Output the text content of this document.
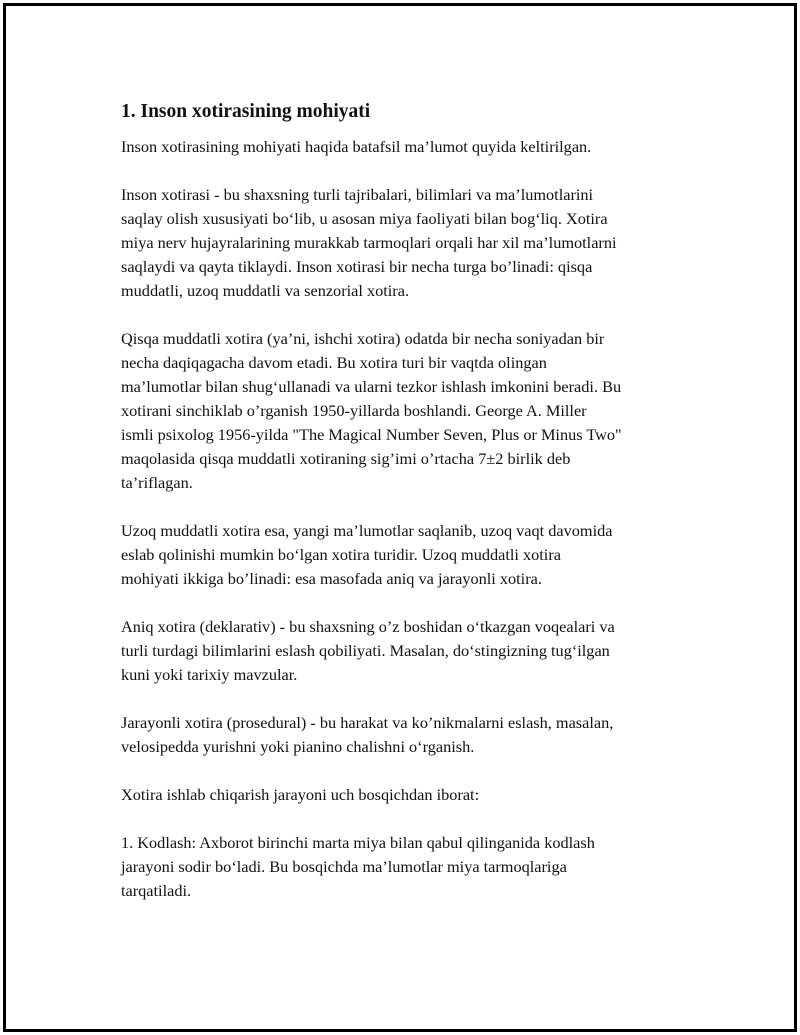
1. Inson xotirasining mohiyati

Inson xotirasining mohiyati haqida batafsil ma’lumot quyida keltirilgan.

Inson xotirasi - bu shaxsning turli tajribalari, bilimlari va ma’lumotlarini
saqlay olish xususiyati bo‘lib, u asosan miya faoliyati bilan bog‘liq. Xotira
miya nerv hujayralarining murakkab tarmoqlari orqali har xil ma’lumotlarni
saqlaydi va qayta tiklaydi. Inson xotirasi bir necha turga bo’linadi: qisqa
muddatli, uzoq muddatli va senzorial xotira.

Qisqa muddatli xotira (ya’ni, ishchi xotira) odatda bir necha soniyadan bir
necha daqiqagacha davom etadi. Bu xotira turi bir vaqtda olingan
ma’lumotlar bilan shug‘ullanadi va ularni tezkor ishlash imkonini beradi. Bu
xotirani sinchiklab o’rganish 1950-yillarda boshlandi. George A. Miller
ismli psixolog 1956-yilda "The Magical Number Seven, Plus or Minus Two"
maqolasida qisqa muddatli xotiraning sig’imi o’rtacha 7±2 birlik deb
ta’riflagan.

Uzoq muddatli xotira esa, yangi ma’lumotlar saqlanib, uzoq vaqt davomida
eslab qolinishi mumkin bo‘lgan xotira turidir. Uzoq muddatli xotira
mohiyati ikkiga bo’linadi: esa masofada aniq va jarayonli xotira.

Aniq xotira (deklarativ) - bu shaxsning o’z boshidan o‘tkazgan voqealari va
turli turdagi bilimlarini eslash qobiliyati. Masalan, do‘stingizning tug‘ilgan
kuni yoki tarixiy mavzular.

Jarayonli xotira (prosedural) - bu harakat va ko’nikmalarni eslash, masalan,
velosipedda yurishni yoki pianino chalishni o‘rganish.

Xotira ishlab chiqarish jarayoni uch bosqichdan iborat:

1. Kodlash: Axborot birinchi marta miya bilan qabul qilinganida kodlash
jarayoni sodir bo‘ladi. Bu bosqichda ma’lumotlar miya tarmoqlariga
tarqatiladi.
